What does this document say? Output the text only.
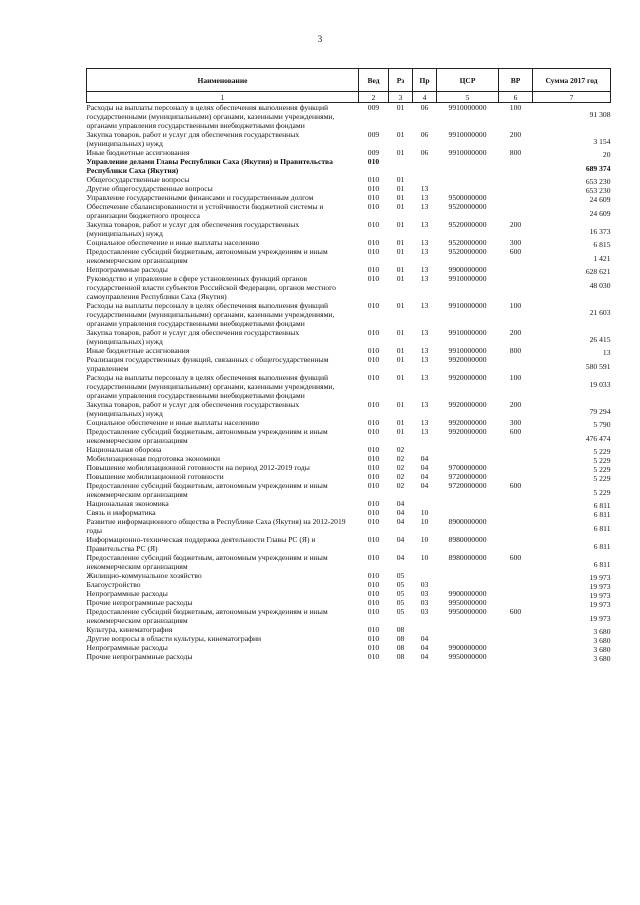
3
Наименование	Вед	Рз	Пр	ЦСР	ВР	Сумма 2017 год
1	2	3	4	5	6	7
Расходы на выплаты персоналу в целях обеспечения выполнения функций государственными (муниципальными) органами, казенными учреждениями, органами управления государственными внебюджетными фондами	009	01	06	9910000000	100	91 308
Закупка товаров, работ и услуг для обеспечения государственных (муниципальных) нужд	009	01	06	9910000000	200	3 154
Иные бюджетные ассигнования	009	01	06	9910000000	800	20
Управление делами Главы Республики Саха (Якутия) и Правительства Республики Саха (Якутия)	010					689 374
Общегосударственные вопросы	010	01				653 230
Другие общегосударственные вопросы	010	01	13			653 230
Управление государственными финансами и государственным долгом	010	01	13	9500000000		24 609
Обеспечение сбалансированности и устойчивости бюджетной системы и организации бюджетного процесса	010	01	13	9520000000		24 609
Закупка товаров, работ и услуг для обеспечения государственных (муниципальных) нужд	010	01	13	9520000000	200	16 373
Социальное обеспечение и иные выплаты населению	010	01	13	9520000000	300	6 815
Предоставление субсидий бюджетным, автономным учреждениям и иным некоммерческим организациям	010	01	13	9520000000	600	1 421
Непрограммные расходы	010	01	13	9900000000		628 621
Руководство и управление в сфере установленных функций органов государственной власти субъектов Российской Федерации, органов местного самоуправления Республики Саха (Якутия)	010	01	13	9910000000		48 030
Расходы на выплаты персоналу в целях обеспечения выполнения функций государственными (муниципальными) органами, казенными учреждениями, органами управления государственными внебюджетными фондами	010	01	13	9910000000	100	21 603
Закупка товаров, работ и услуг для обеспечения государственных (муниципальных) нужд	010	01	13	9910000000	200	26 415
Иные бюджетные ассигнования	010	01	13	9910000000	800	13
Реализация государственных функций, связанных с общегосударственным управлением	010	01	13	9920000000		580 591
Расходы на выплаты персоналу в целях обеспечения выполнения функций государственными (муниципальными) органами, казенными учреждениями, органами управления государственными внебюджетными фондами	010	01	13	9920000000	100	19 033
Закупка товаров, работ и услуг для обеспечения государственных (муниципальных) нужд	010	01	13	9920000000	200	79 294
Социальное обеспечение и иные выплаты населению	010	01	13	9920000000	300	5 790
Предоставление субсидий бюджетным, автономным учреждениям и иным некоммерческим организациям	010	01	13	9920000000	600	476 474
Национальная оборона	010	02				5 229
Мобилизационная подготовка экономики	010	02	04			5 229
Повышение мобилизационной готовности на период 2012-2019 годы	010	02	04	9700000000		5 229
Повышение мобилизационной готовности	010	02	04	9720000000		5 229
Предоставление субсидий бюджетным, автономным учреждениям и иным некоммерческим организациям	010	02	04	9720000000	600	5 229
Национальная экономика	010	04				6 811
Связь и информатика	010	04	10			6 811
Развитие информационного общества в Республике Саха (Якутия) на 2012-2019 годы	010	04	10	8900000000		6 811
Информационно-техническая поддержка деятельности Главы РС (Я) и Правительства РС (Я)	010	04	10	8980000000		6 811
Предоставление субсидий бюджетным, автономным учреждениям и иным некоммерческим организациям	010	04	10	8980000000	600	6 811
Жилищно-коммунальное хозяйство	010	05				19 973
Благоустройство	010	05	03			19 973
Непрограммные расходы	010	05	03	9900000000		19 973
Прочие непрограммные расходы	010	05	03	9950000000		19 973
Предоставление субсидий бюджетным, автономным учреждениям и иным некоммерческим организациям	010	05	03	9950000000	600	19 973
Культура, кинематография	010	08				3 680
Другие вопросы в области культуры, кинематографии	010	08	04			3 680
Непрограммные расходы	010	08	04	9900000000		3 680
Прочие непрограммные расходы	010	08	04	9950000000		3 680
